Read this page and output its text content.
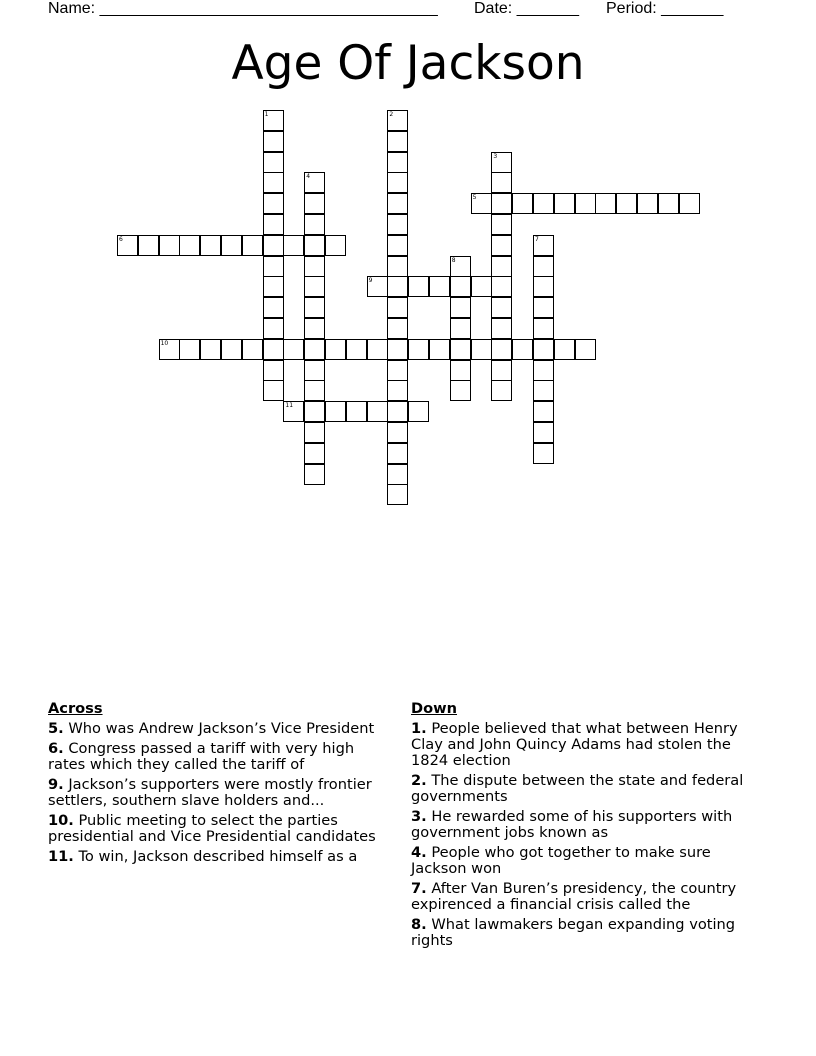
Name: ______________________________________ Date: _______ Period: _______
Age Of Jackson
1	2
3
4
5
6	7
8
9
10
11
Across
5. Who was Andrew Jackson’s Vice President
6. Congress passed a tariff with very high rates which they called the tariff of
9. Jackson’s supporters were mostly frontier settlers, southern slave holders and...
10. Public meeting to select the parties presidential and Vice Presidential candidates
11. To win, Jackson described himself as a
Down
1. People believed that what between Henry Clay and John Quincy Adams had stolen the 1824 election
2. The dispute between the state and federal governments
3. He rewarded some of his supporters with government jobs known as
4. People who got together to make sure Jackson won
7. After Van Buren’s presidency, the country expirenced a financial crisis called the
8. What lawmakers began expanding voting rights
